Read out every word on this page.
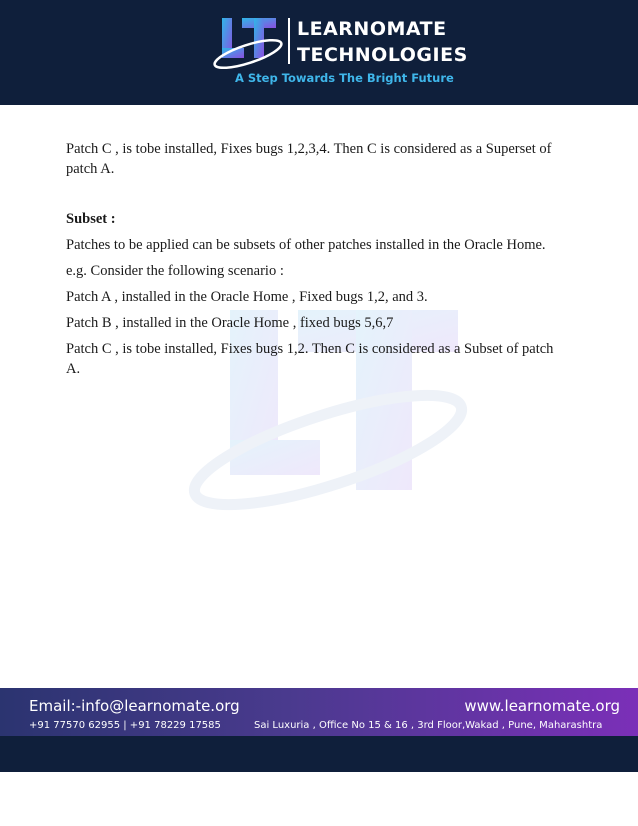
LEARNOMATE
TECHNOLOGIES
A Step Towards The Bright Future

Patch C , is tobe installed, Fixes bugs 1,2,3,4. Then C is considered as a Superset of patch A.

Subset :

Patches to be applied can be subsets of other patches installed in the Oracle Home.

e.g. Consider the following scenario :

Patch A , installed in the Oracle Home , Fixed bugs 1,2, and 3.

Patch B , installed in the Oracle Home , fixed bugs 5,6,7

Patch C , is tobe installed, Fixes bugs 1,2. Then C is considered as a Subset of patch A.

Email:-info@learnomate.org	www.learnomate.org
+91 77570 62955 | +91 78229 17585	Sai Luxuria , Office No 15 & 16 , 3rd Floor,Wakad , Pune, Maharashtra
